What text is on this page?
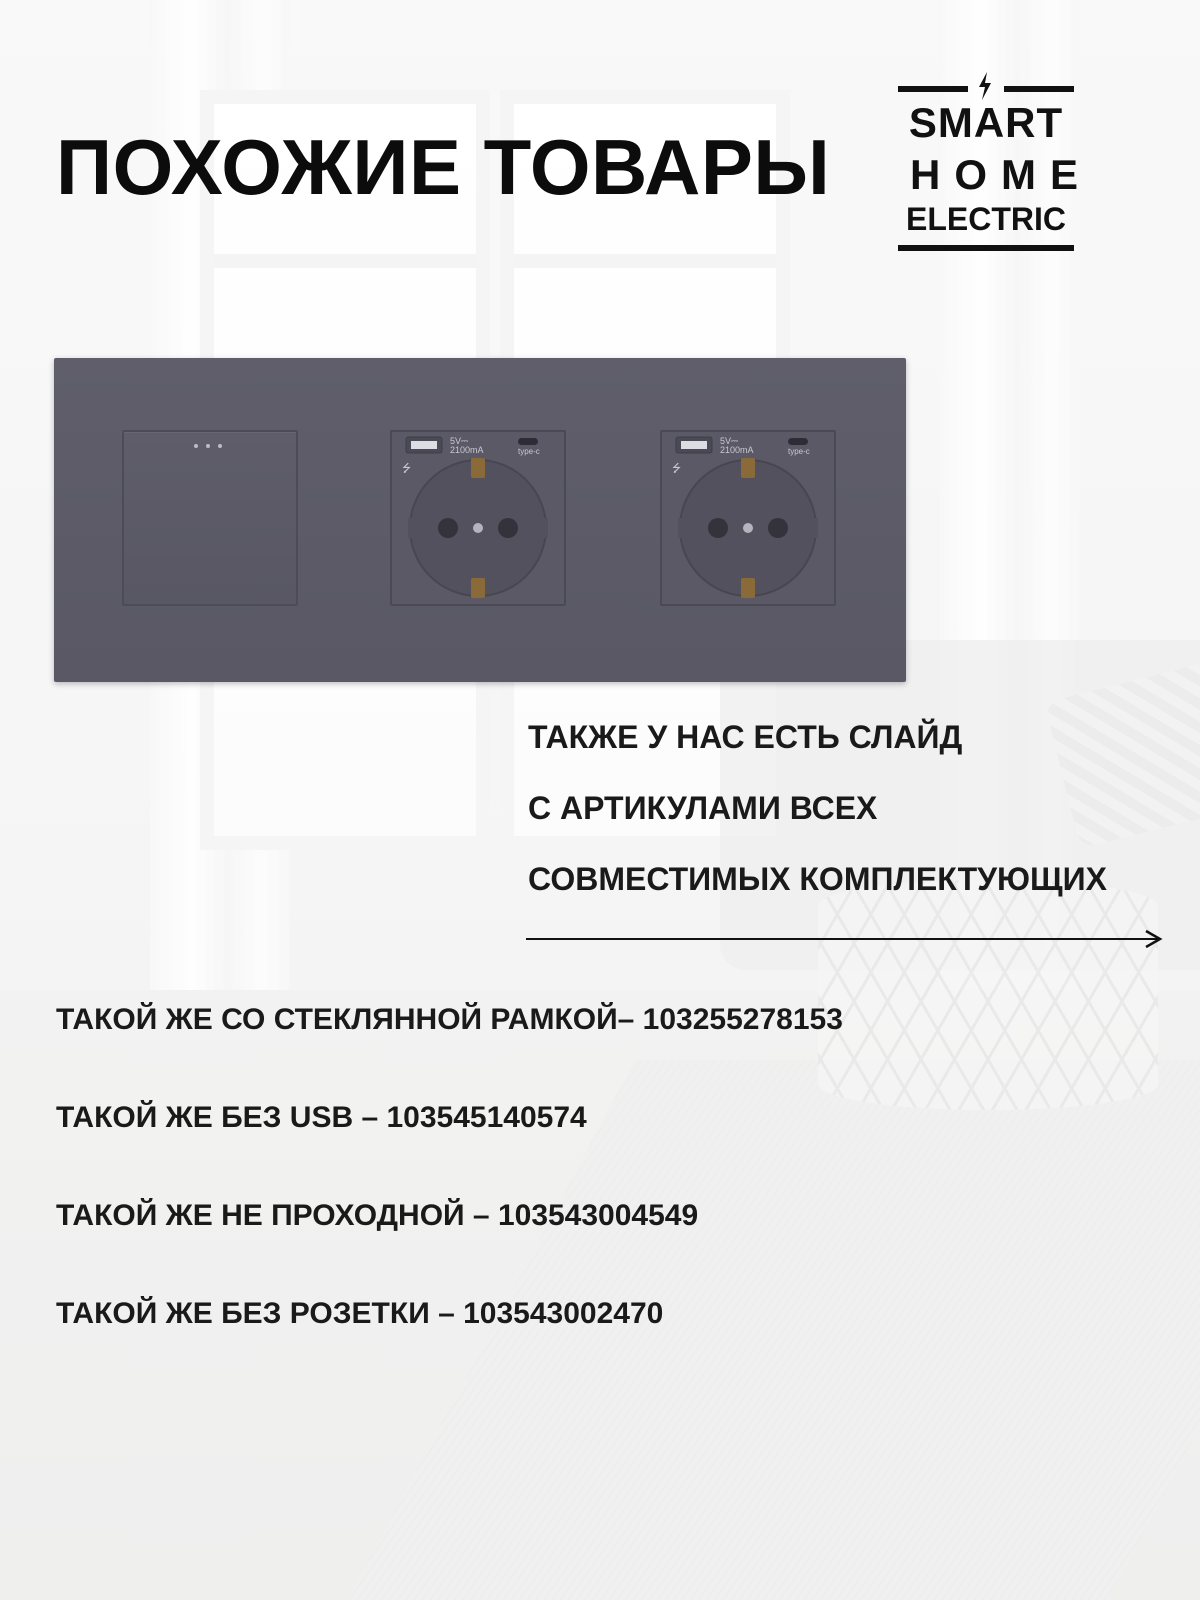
ПОХОЖИЕ ТОВАРЫ
SMART
HOME
ELECTRIC
5V⎓
2100mA	type-c
⭍
5V⎓
2100mA	type-c
⭍

ТАКЖЕ У НАС ЕСТЬ СЛАЙД
С АРТИКУЛАМИ ВСЕХ
СОВМЕСТИМЫХ КОМПЛЕКТУЮЩИХ

ТАКОЙ ЖЕ СО СТЕКЛЯННОЙ РАМКОЙ– 103255278153
ТАКОЙ ЖЕ БЕЗ USB – 103545140574
ТАКОЙ ЖЕ НЕ ПРОХОДНОЙ – 103543004549
ТАКОЙ ЖЕ БЕЗ РОЗЕТКИ – 103543002470
